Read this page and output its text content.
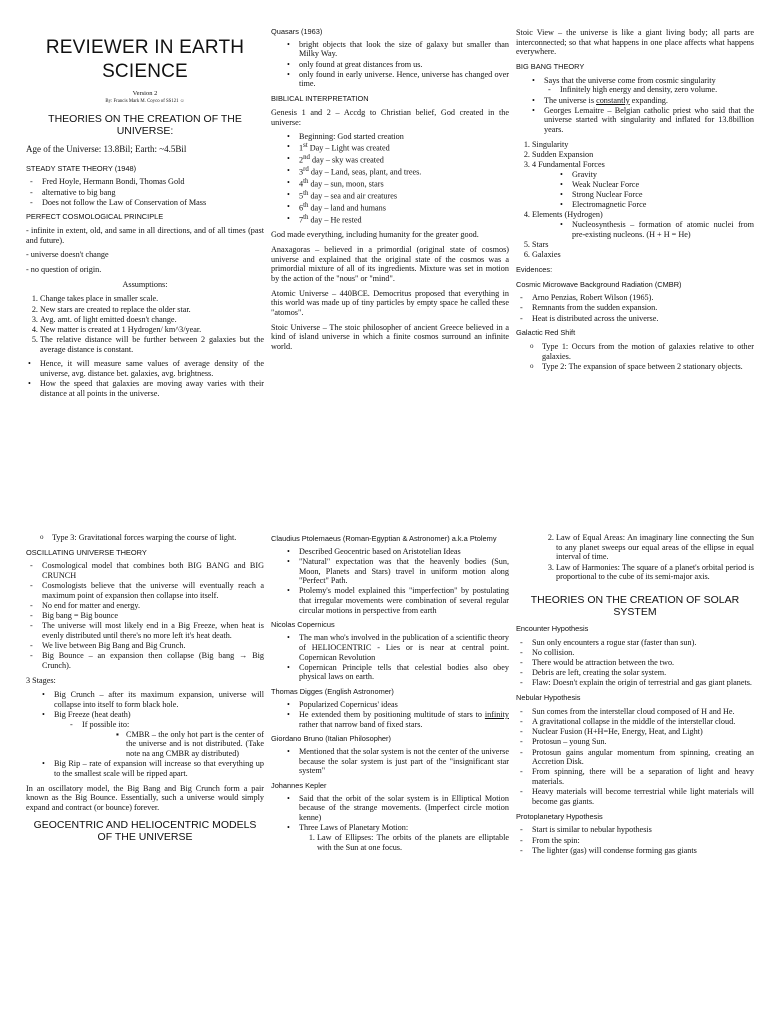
REVIEWER IN EARTH SCIENCE

Version 2

By: Francis Mark M. Coyco of SS121 ☺

THEORIES ON THE CREATION OF THE UNIVERSE:

Age of the Universe: 13.8Bil; Earth: ~4.5Bil

STEADY STATE THEORY (1948)
- Fred Hoyle, Hermann Bondi, Thomas Gold
- alternative to big bang
- Does not follow the Law of Conservation of Mass
PERFECT COSMOLOGICAL PRINCIPLE

- infinite in extent, old, and same in all directions, and of all times (past and future).

- universe doesn't change

- no question of origin.

Assumptions:

1. Change takes place in smaller scale.
2. New stars are created to replace the older star.
3. Avg. amt. of light emitted doesn't change.
4. New matter is created at 1 Hydrogen/ km^3/year.
5. The relative distance will be further between 2 galaxies but the average distance is constant.
• Hence, it will measure same values of average density of the universe, avg. distance bet. galaxies, avg. brightness.
• How the speed that galaxies are moving away varies with their distance at all points in the universe.
Quasars (1963)
• bright objects that look the size of galaxy but smaller than Milky Way.
• only found at great distances from us.
• only found in early universe. Hence, universe has changed over time.
BIBLICAL INTERPRETATION

Genesis 1 and 2 – Accdg to Christian belief, God created in the universe:

• Beginning: God started creation
• 1st Day – Light was created
• 2nd day – sky was created
• 3rd day – Land, seas, plant, and trees.
• 4th day – sun, moon, stars
• 5th day – sea and air creatures
• 6th day – land and humans
• 7th day – He rested

God made everything, including humanity for the greater good.

Anaxagoras – believed in a primordial (original state of cosmos) universe and explained that the original state of the cosmos was a primordial mixture of all of its ingredients. Mixture was set in motion by the action of the "nous" or "mind".

Atomic Universe – 440BCE. Democritus proposed that everything in this world was made up of tiny particles by empty space he called these "atomos".

Stoic Universe – The stoic philosopher of ancient Greece believed in a kind of island universe in which a finite cosmos surround an infinite world.

Stoic View – the universe is like a giant living body; all parts are interconnected; so that what happens in one place affects what happens everywhere.

BIG BANG THEORY
• Says that the universe come from cosmic singularity
- Infinitely high energy and density, zero volume.
• The universe is constantly expanding.
• Georges Lemaitre – Belgian catholic priest who said that the universe started with singularity and inflated for 13.8billion years.
1. Singularity
2. Sudden Expansion
3. 4 Fundamental Forces
• Gravity
• Weak Nuclear Force
• Strong Nuclear Force
• Electromagnetic Force
4. Elements (Hydrogen)
• Nucleosynthesis – formation of atomic nuclei from pre-existing nucleons. (H + H = He)
5. Stars
6. Galaxies
Evidences:
Cosmic Microwave Background Radiation (CMBR)
- Arno Penzias, Robert Wilson (1965).
- Remnants from the sudden expansion.
- Heat is distributed across the universe.
Galactic Red Shift
o Type 1: Occurs from the motion of galaxies relative to other galaxies.
o Type 2: The expansion of space between 2 stationary objects.
o Type 3: Gravitational forces warping the course of light.
OSCILLATING UNIVERSE THEORY
- Cosmological model that combines both BIG BANG and BIG CRUNCH
- Cosmologists believe that the universe will eventually reach a maximum point of expansion then collapse into itself.
- No end for matter and energy.
- Big bang = Big bounce
- The universe will most likely end in a Big Freeze, when heat is evenly distributed until there's no more left it's heat death.
- We live between Big Bang and Big Crunch.
- Big Bounce – an expansion then collapse (Big bang → Big Crunch).

3 Stages:

• Big Crunch – after its maximum expansion, universe will collapse into itself to form black hole.
• Big Freeze (heat death)
- If possible ito:
▪ CMBR – the only hot part is the center of the universe and is not distributed. (Take note na ang CMBR ay distributed)
• Big Rip – rate of expansion will increase so that everything up to the smallest scale will be ripped apart.

In an oscillatory model, the Big Bang and Big Crunch form a pair known as the Big Bounce. Essentially, such a universe would simply expand and contract (or bounce) forever.

GEOCENTRIC AND HELIOCENTRIC MODELS OF THE UNIVERSE
Claudius Ptolemaeus (Roman-Egyptian & Astronomer) a.k.a Ptolemy
• Described Geocentric based on Aristotelian Ideas
• "Natural" expectation was that the heavenly bodies (Sun, Moon, Planets and Stars) travel in uniform motion along "Perfect" Path.
• Ptolemy's model explained this "imperfection" by postulating that irregular movements were combination of several regular circular motions in perspective from earth
Nicolas Copernicus
• The man who's involved in the publication of a scientific theory of HELIOCENTRIC - Lies or is near at central point. Copernican Revolution
• Copernican Principle tells that celestial bodies also obey physical laws on earth.
Thomas Digges (English Astronomer)
• Popularized Copernicus' ideas
• He extended them by positioning multitude of stars to infinity rather that narrow band of fixed stars.
Giordano Bruno (Italian Philosopher)
• Mentioned that the solar system is not the center of the universe because the solar system is just part of the "insignificant star system"
Johannes Kepler
• Said that the orbit of the solar system is in Elliptical Motion because of the strange movements. (Imperfect circle motion kenne)
• Three Laws of Planetary Motion:
1. Law of Ellipses: The orbits of the planets are elliptable with the Sun at one focus.
2. Law of Equal Areas: An imaginary line connecting the Sun to any planet sweeps our equal areas of the ellipse in equal interval of time.
3. Law of Harmonies: The square of a planet's orbital period is proportional to the cube of its semi-major axis.
THEORIES ON THE CREATION OF SOLAR SYSTEM
Encounter Hypothesis
- Sun only encounters a rogue star (faster than sun).
- No collision.
- There would be attraction between the two.
- Debris are left, creating the solar system.
- Flaw: Doesn't explain the origin of terrestrial and gas giant planets.
Nebular Hypothesis
- Sun comes from the interstellar cloud composed of H and He.
- A gravitational collapse in the middle of the interstellar cloud.
- Nuclear Fusion (H+H=He, Energy, Heat, and Light)
- Protosun – young Sun.
- Protosun gains angular momentum from spinning, creating an Accretion Disk.
- From spinning, there will be a separation of light and heavy materials.
- Heavy materials will become terrestrial while light materials will become gas giants.
Protoplanetary Hypothesis
- Start is similar to nebular hypothesis
- From the spin:
- The lighter (gas) will condense forming gas giants
